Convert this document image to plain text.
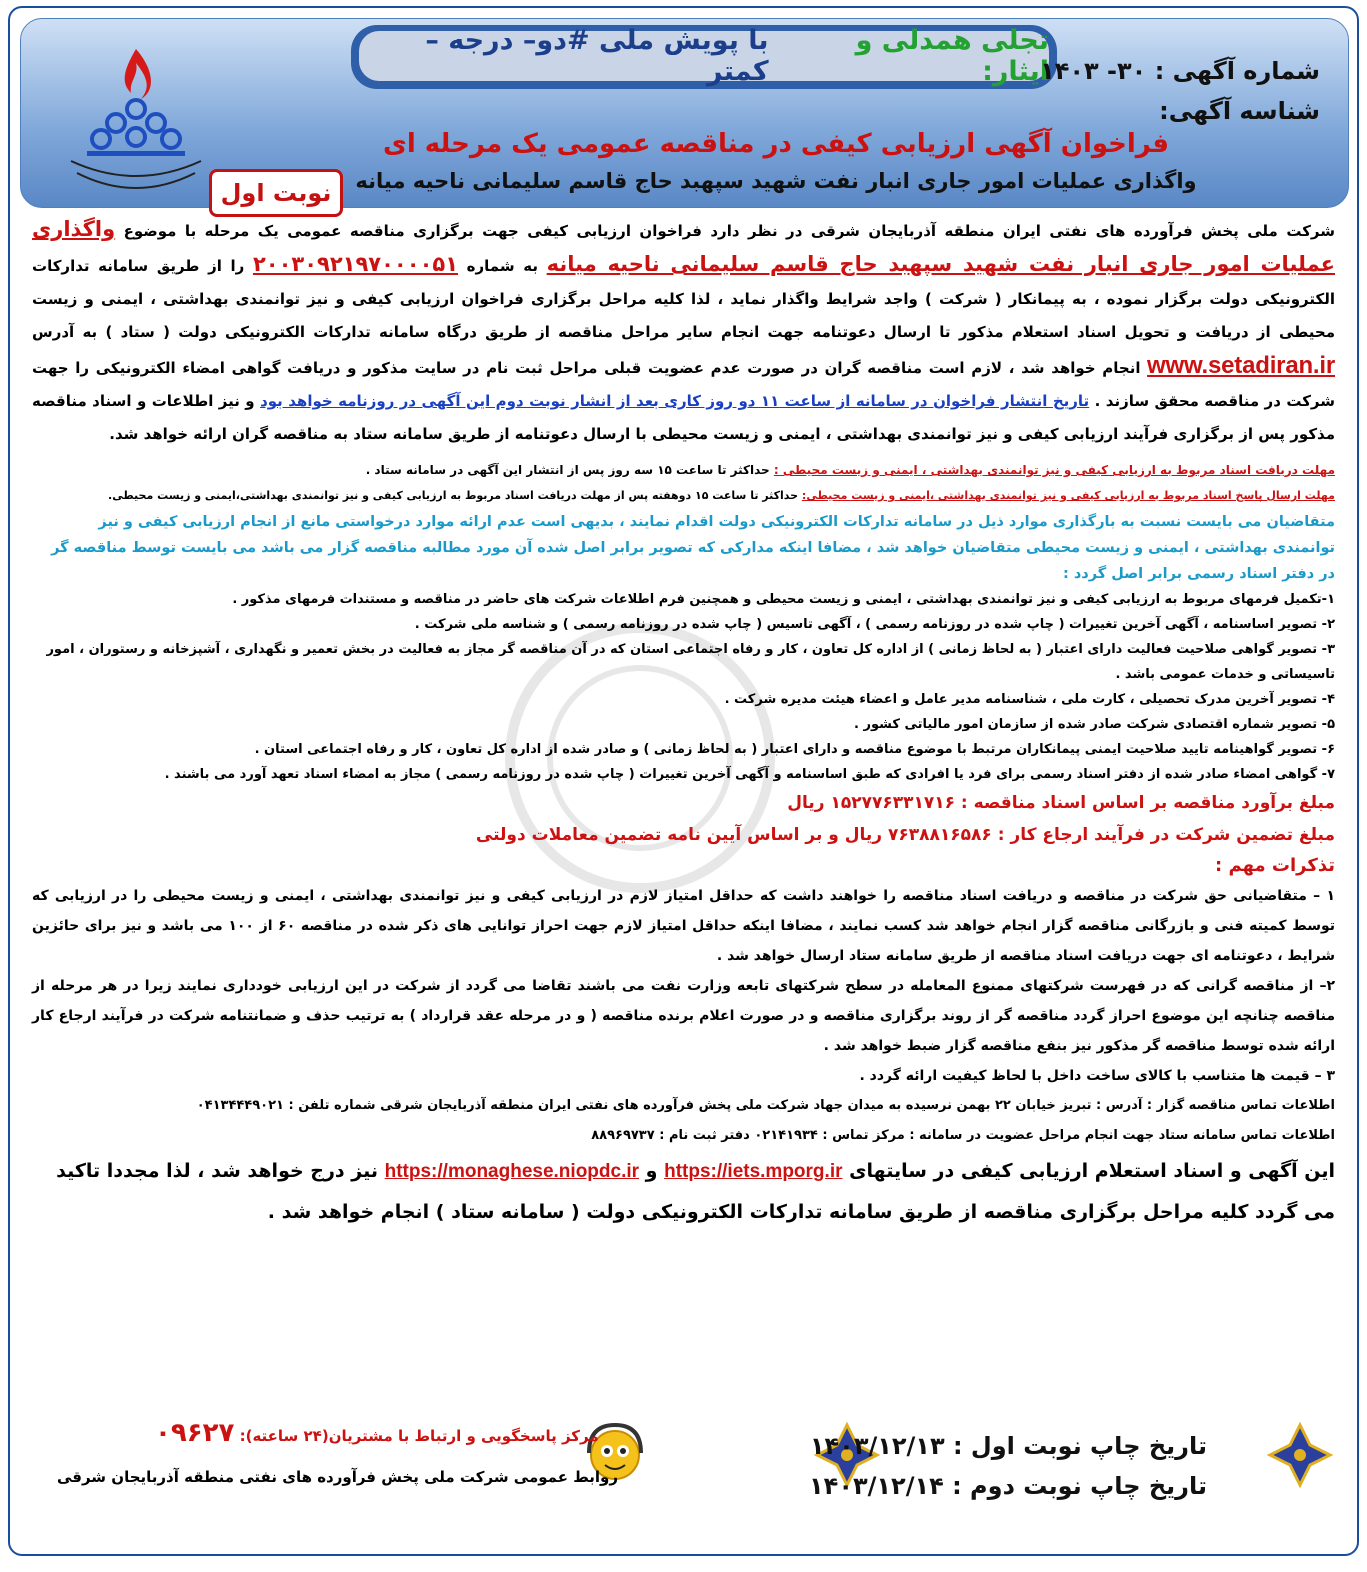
تجلی همدلی و ایثار:
با پویش ملی #دو– درجه – کمتر	شماره آگهی : ۳۰- ۱۴۰۳
شناسه آگهی:
فراخوان آگهی ارزیابی کیفی در مناقصه عمومی یک مرحله ای
واگذاری عملیات امور جاری انبار نفت شهید سپهبد حاج قاسم سلیمانی ناحیه میانه
نوبت اول
شرکت ملی پخش فرآورده های نفتی ایران منطقه آذربایجان شرقی در نظر دارد فراخوان ارزیابی کیفی جهت برگزاری مناقصه عمومی یک مرحله با موضوع واگذاری عملیات امور جاری انبار نفت شهید سپهبد حاج قاسم سلیمانی ناحیه میانه به شماره ۲۰۰۳۰۹۲۱۹۷۰۰۰۰۵۱ را از طریق سامانه تدارکات الکترونیکی دولت برگزار نموده ، به پیمانکار ( شرکت ) واجد شرایط واگذار نماید ، لذا کلیه مراحل برگزاری فراخوان ارزیابی کیفی و نیز توانمندی بهداشتی ، ایمنی و زیست محیطی از دریافت و تحویل اسناد استعلام مذکور تا ارسال دعوتنامه جهت انجام سایر مراحل مناقصه از طریق درگاه سامانه تدارکات الکترونیکی دولت ( ستاد ) به آدرس www.setadiran.ir انجام خواهد شد ، لازم است مناقصه گران در صورت عدم عضویت قبلی مراحل ثبت نام در سایت مذکور و دریافت گواهی امضاء الکترونیکی را جهت شرکت در مناقصه محقق سازند . تاریخ انتشار فراخوان در سامانه از ساعت ۱۱ دو روز کاری بعد از انشار نوبت دوم این آگهی در روزنامه خواهد بود و نیز اطلاعات و اسناد مناقصه مذکور پس از برگزاری فرآیند ارزیابی کیفی و نیز توانمندی بهداشتی ، ایمنی و زیست محیطی با ارسال دعوتنامه از طریق سامانه ستاد به مناقصه گران ارائه خواهد شد.
مهلت دریافت اسناد مربوط به ارزیابی کیفی و نیز توانمندی بهداشتی ، ایمنی و زیست محیطی : حداکثر تا ساعت ۱۵ سه روز پس از انتشار این آگهی در سامانه ستاد .
مهلت ارسال پاسخ اسناد مربوط به ارزیابی کیفی و نیز توانمندی بهداشتی ،ایمنی و زیست محیطی: حداکثر تا ساعت ۱۵ دوهفته پس از مهلت دریافت اسناد مربوط به ارزیابی کیفی و نیز توانمندی بهداشتی،ایمنی و زیست محیطی.
متقاضیان می بایست نسبت به بارگذاری موارد ذیل در سامانه تدارکات الکترونیکی دولت اقدام نمایند ، بدیهی است عدم ارائه موارد درخواستی مانع از انجام ارزیابی کیفی و نیز توانمندی بهداشتی ، ایمنی و زیست محیطی متقاضیان خواهد شد ، مضافا اینکه مدارکی که تصویر برابر اصل شده آن مورد مطالبه مناقصه گزار می باشد می بایست توسط مناقصه گر در دفتر اسناد رسمی برابر اصل گردد :
۱-تکمیل فرمهای مربوط به ارزیابی کیفی و نیز توانمندی بهداشتی ، ایمنی و زیست محیطی و همچنین فرم اطلاعات شرکت های حاضر در مناقصه و مستندات فرمهای مذکور .
۲- تصویر اساسنامه ، آگهی آخرین تغییرات ( چاپ شده در روزنامه رسمی ) ، آگهی تاسیس ( چاپ شده در روزنامه رسمی ) و شناسه ملی شرکت .
۳- تصویر گواهی صلاحیت فعالیت دارای اعتبار ( به لحاظ زمانی ) از اداره کل تعاون ، کار و رفاه اجتماعی استان که در آن مناقصه گر مجاز به فعالیت در بخش تعمیر و نگهداری ، آشپزخانه و رستوران ، امور تاسیساتی و خدمات عمومی باشد .
۴- تصویر آخرین مدرک تحصیلی ، کارت ملی ، شناسنامه مدیر عامل و اعضاء هیئت مدیره شرکت .
۵- تصویر شماره اقتصادی شرکت صادر شده از سازمان امور مالیاتی کشور .
۶- تصویر گواهینامه تایید صلاحیت ایمنی پیمانکاران مرتبط با موضوع مناقصه و دارای اعتبار ( به لحاظ زمانی ) و صادر شده از اداره کل تعاون ، کار و رفاه اجتماعی استان .
۷- گواهی امضاء صادر شده از دفتر اسناد رسمی برای فرد یا افرادی که طبق اساسنامه و آگهی آخرین تغییرات ( چاپ شده در روزنامه رسمی ) مجاز به امضاء اسناد تعهد آورد می باشند .
مبلغ برآورد مناقصه بر اساس اسناد مناقصه : ۱۵۲۷۷۶۳۳۱۷۱۶ ریال
مبلغ تضمین شرکت در فرآیند ارجاع کار : ۷۶۳۸۸۱۶۵۸۶ ریال و بر اساس آیین نامه تضمین معاملات دولتی
تذکرات مهم :
۱ – متقاضیانی حق شرکت در مناقصه و دریافت اسناد مناقصه را خواهند داشت که حداقل امتیاز لازم در ارزیابی کیفی و نیز توانمندی بهداشتی ، ایمنی و زیست محیطی را در ارزیابی که توسط کمیته فنی و بازرگانی مناقصه گزار انجام خواهد شد کسب نمایند ، مضافا اینکه حداقل امتیاز لازم جهت احراز توانایی های ذکر شده در مناقصه ۶۰ از ۱۰۰ می باشد و نیز برای حائزین شرایط ، دعوتنامه ای جهت دریافت اسناد مناقصه از طریق سامانه ستاد ارسال خواهد شد .
۲– از مناقصه گرانی که در فهرست شرکتهای ممنوع المعامله در سطح شرکتهای تابعه وزارت نفت می باشند تقاضا می گردد از شرکت در این ارزیابی خودداری نمایند زیرا در هر مرحله از مناقصه چنانچه این موضوع احراز گردد مناقصه گر از روند برگزاری مناقصه و در صورت اعلام برنده مناقصه ( و در مرحله عقد قرارداد ) به ترتیب حذف و ضمانتنامه شرکت در فرآیند ارجاع کار ارائه شده توسط مناقصه گر مذکور نیز بنفع مناقصه گزار ضبط خواهد شد .
۳ – قیمت ها متناسب با کالای ساخت داخل با لحاظ کیفیت ارائه گردد .
اطلاعات تماس مناقصه گزار : آدرس : تبریز خیابان ۲۲ بهمن نرسیده به میدان جهاد شرکت ملی پخش فرآورده های نفتی ایران منطقه آذربایجان شرقی شماره تلفن : ۰۴۱۳۴۴۴۹۰۲۱
اطلاعات تماس سامانه ستاد جهت انجام مراحل عضویت در سامانه : مرکز تماس : ۰۲۱۴۱۹۳۴ دفتر ثبت نام : ۸۸۹۶۹۷۳۷
این آگهی و اسناد استعلام ارزیابی کیفی در سایتهای https://iets.mporg.ir و https://monaghese.niopdc.ir نیز درج خواهد شد ، لذا مجددا تاکید می گردد کلیه مراحل برگزاری مناقصه از طریق سامانه تدارکات الکترونیکی دولت ( سامانه ستاد ) انجام خواهد شد .
تاریخ چاپ نوبت اول : ۱۴۰۳/۱۲/۱۳
تاریخ چاپ نوبت دوم : ۱۴۰۳/۱۲/۱۴
مرکز پاسخگویی و ارتباط با مشتریان(۲۴ ساعته): ۰۹۶۲۷
روابط عمومی شرکت ملی پخش فرآورده های نفتی منطقه آذربایجان شرقی
